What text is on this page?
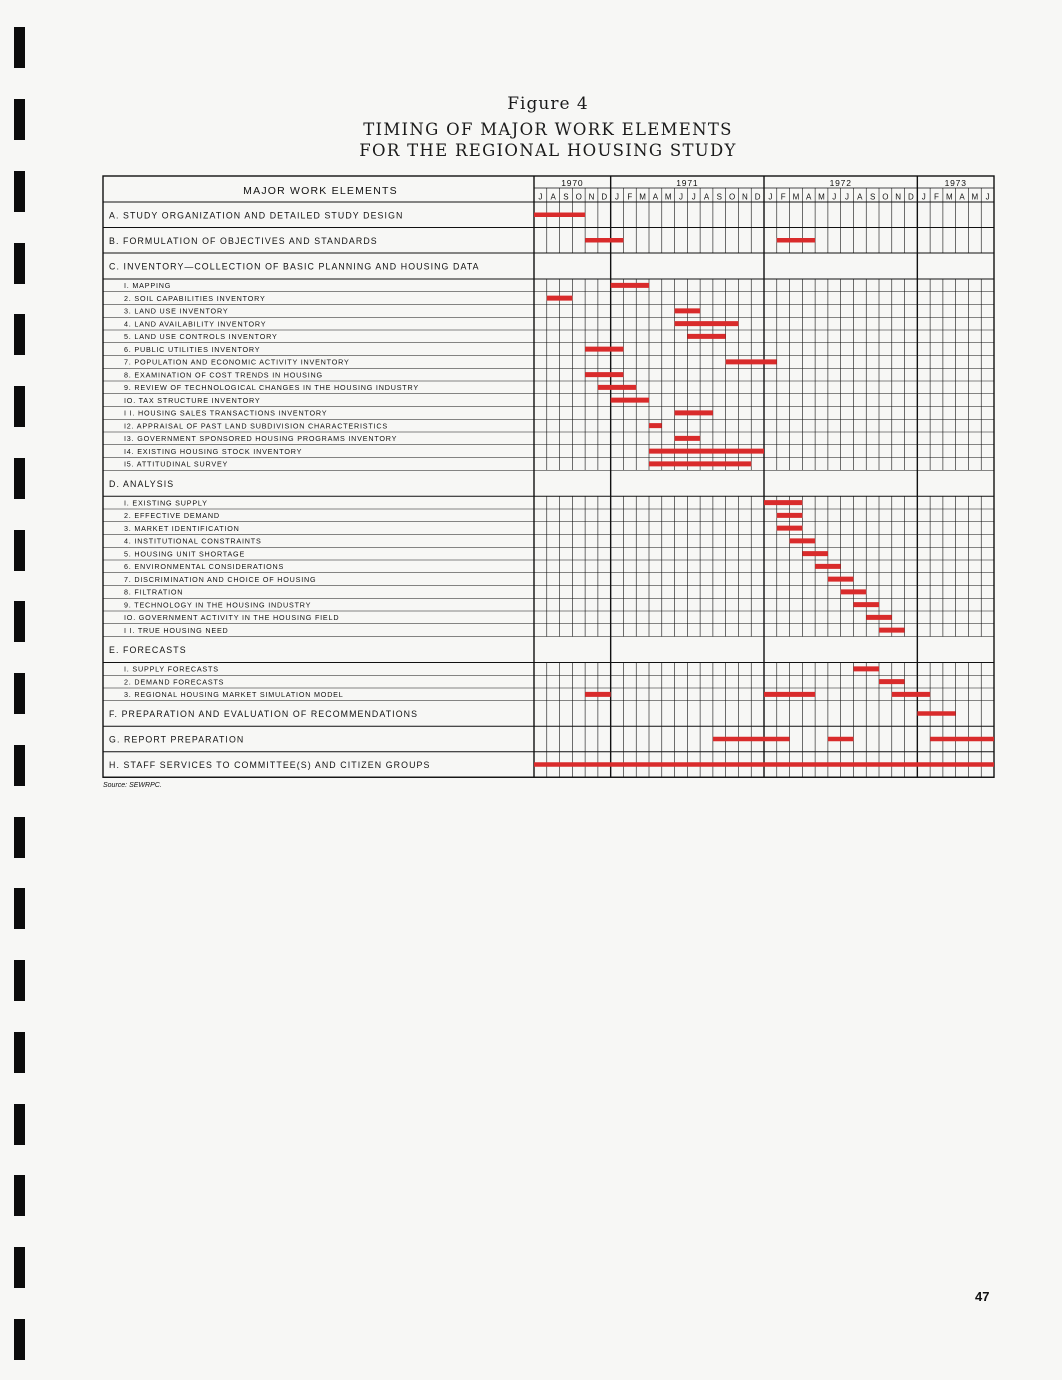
Figure 4
TIMING OF MAJOR WORK ELEMENTS
FOR THE REGIONAL HOUSING STUDY
MAJOR WORK ELEMENTS
1970
J A S O N D
1971
J F M A M J J A S O N D
1972
J F M A M J J A S O N D
1973
J F M A M J
A. STUDY ORGANIZATION AND DETAILED STUDY DESIGN
B. FORMULATION OF OBJECTIVES AND STANDARDS
C. INVENTORY—COLLECTION OF BASIC PLANNING AND HOUSING DATA
I. MAPPING
2. SOIL CAPABILITIES INVENTORY
3. LAND USE INVENTORY
4. LAND AVAILABILITY INVENTORY
5. LAND USE CONTROLS INVENTORY
6. PUBLIC UTILITIES INVENTORY
7. POPULATION AND ECONOMIC ACTIVITY INVENTORY
8. EXAMINATION OF COST TRENDS IN HOUSING
9. REVIEW OF TECHNOLOGICAL CHANGES IN THE HOUSING INDUSTRY
IO. TAX STRUCTURE INVENTORY
I I. HOUSING SALES TRANSACTIONS INVENTORY
I2. APPRAISAL OF PAST LAND SUBDIVISION CHARACTERISTICS
I3. GOVERNMENT SPONSORED HOUSING PROGRAMS INVENTORY
I4. EXISTING HOUSING STOCK INVENTORY
I5. ATTITUDINAL SURVEY
D. ANALYSIS
I. EXISTING SUPPLY
2. EFFECTIVE DEMAND
3. MARKET IDENTIFICATION
4. INSTITUTIONAL CONSTRAINTS
5. HOUSING UNIT SHORTAGE
6. ENVIRONMENTAL CONSIDERATIONS
7. DISCRIMINATION AND CHOICE OF HOUSING
8. FILTRATION
9. TECHNOLOGY IN THE HOUSING INDUSTRY
IO. GOVERNMENT ACTIVITY IN THE HOUSING FIELD
I I. TRUE HOUSING NEED
E. FORECASTS
I. SUPPLY FORECASTS
2. DEMAND FORECASTS
3. REGIONAL HOUSING MARKET SIMULATION MODEL
F. PREPARATION AND EVALUATION OF RECOMMENDATIONS
G. REPORT PREPARATION
H. STAFF SERVICES TO COMMITTEE(S) AND CITIZEN GROUPS
Source: SEWRPC.
47
